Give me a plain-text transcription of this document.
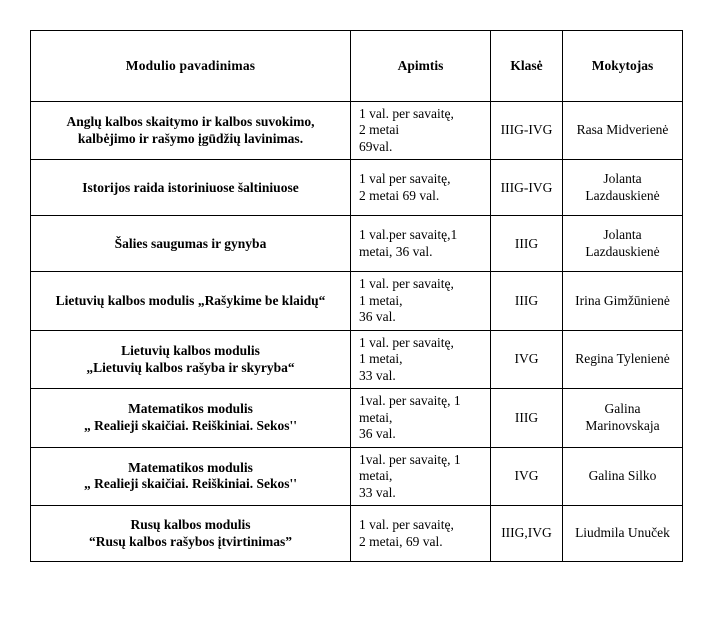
Modulio pavadinimas	Apimtis	Klasė	Mokytojas
Anglų kalbos skaitymo ir kalbos suvokimo, kalbėjimo ir rašymo įgūdžių lavinimas.	1 val. per savaitę,
2 metai
69val.	IIIG-IVG	Rasa Midverienė
Istorijos raida istoriniuose šaltiniuose	1 val per savaitę,
2 metai 69 val.	IIIG-IVG	Jolanta Lazdauskienė
Šalies saugumas ir gynyba	1 val.per savaitę,1 metai, 36 val.	IIIG	Jolanta Lazdauskienė
Lietuvių kalbos modulis „Rašykime be klaidų“	1 val. per savaitę,
1 metai,
36 val.	IIIG	Irina Gimžūnienė
Lietuvių kalbos modulis
„Lietuvių kalbos rašyba ir skyryba“	1 val. per savaitę,
1 metai,
33 val.	IVG	Regina Tylenienė
Matematikos modulis
„ Realieji skaičiai. Reiškiniai. Sekos''	1val. per savaitę, 1 metai,
36 val.	IIIG	Galina Marinovskaja
Matematikos modulis
„ Realieji skaičiai. Reiškiniai. Sekos''	1val. per savaitę, 1 metai,
33 val.	IVG	Galina Silko
Rusų kalbos modulis
“Rusų kalbos rašybos įtvirtinimas”	1 val. per savaitę,
2 metai, 69 val.	IIIG,IVG	Liudmila Unuček
